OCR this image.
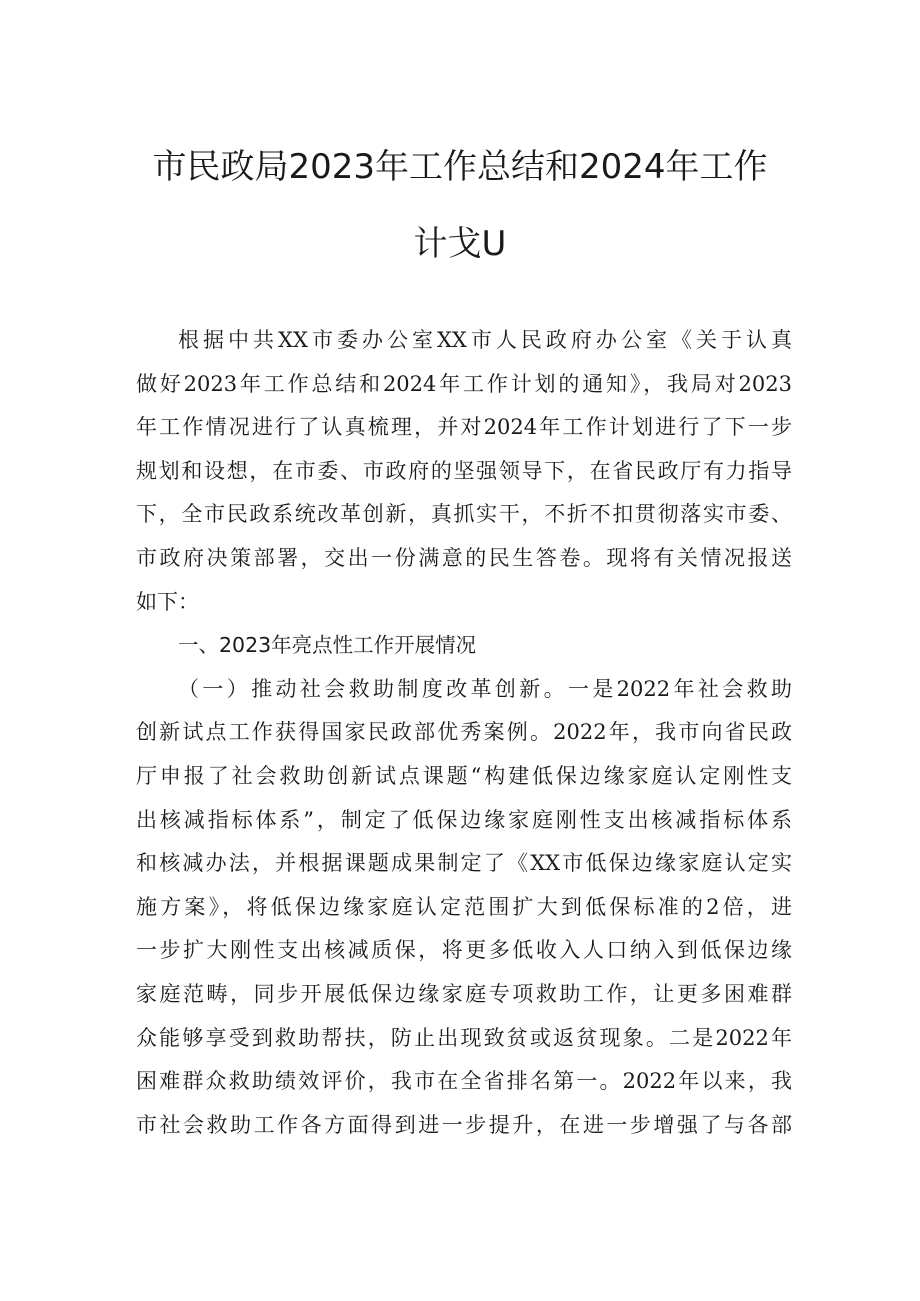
市民政局2023年工作总结和2024年工作
计戈U
根据中共XX市委办公室XX市人民政府办公室《关于认真
做好2023年工作总结和2024年工作计划的通知》，我局对2023
年工作情况进行了认真梳理，并对2024年工作计划进行了下一步
规划和设想，在市委、市政府的坚强领导下，在省民政厅有力指导
下，全市民政系统改革创新，真抓实干，不折不扣贯彻落实市委、
市政府决策部署，交出一份满意的民生答卷。现将有关情况报送
如下：
一、2023年亮点性工作开展情况
（一）推动社会救助制度改革创新。一是2022年社会救助
创新试点工作获得国家民政部优秀案例。2022年，我市向省民政
厅申报了社会救助创新试点课题“构建低保边缘家庭认定刚性支
出核减指标体系”，制定了低保边缘家庭刚性支出核减指标体系
和核减办法，并根据课题成果制定了《XX市低保边缘家庭认定实
施方案》，将低保边缘家庭认定范围扩大到低保标准的2倍，进
一步扩大刚性支出核减质保，将更多低收入人口纳入到低保边缘
家庭范畴，同步开展低保边缘家庭专项救助工作，让更多困难群
众能够享受到救助帮扶，防止出现致贫或返贫现象。二是2022年
困难群众救助绩效评价，我市在全省排名第一。2022年以来，我
市社会救助工作各方面得到进一步提升，在进一步增强了与各部
